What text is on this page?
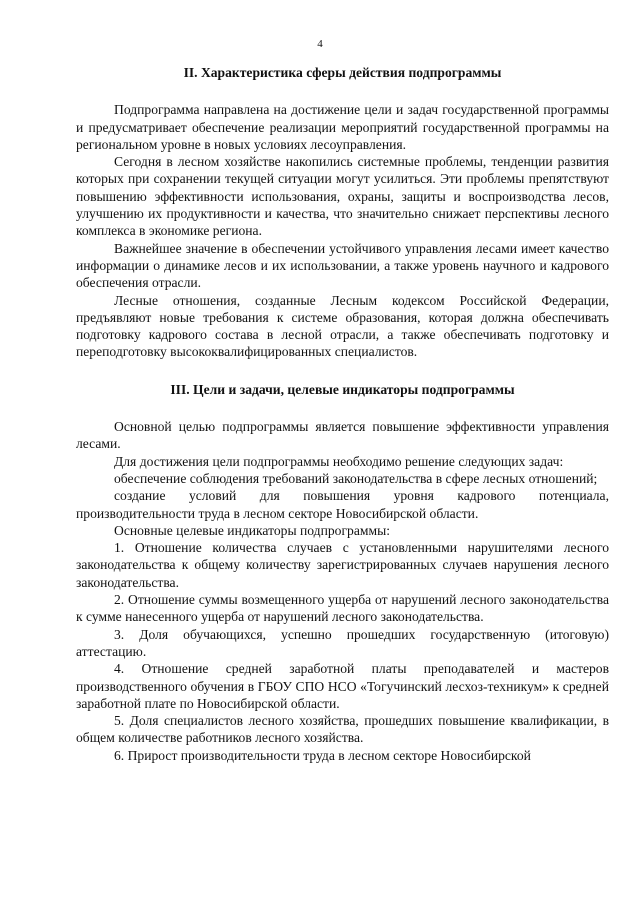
4
II. Характеристика сферы действия подпрограммы

Подпрограмма направлена на достижение цели и задач государственной программы и предусматривает обеспечение реализации мероприятий государственной программы на региональном уровне в новых условиях лесоуправления.

Сегодня в лесном хозяйстве накопились системные проблемы, тенденции развития которых при сохранении текущей ситуации могут усилиться. Эти проблемы препятствуют повышению эффективности использования, охраны, защиты и воспроизводства лесов, улучшению их продуктивности и качества, что значительно снижает перспективы лесного комплекса в экономике региона.

Важнейшее значение в обеспечении устойчивого управления лесами имеет качество информации о динамике лесов и их использовании, а также уровень научного и кадрового обеспечения отрасли.

Лесные отношения, созданные Лесным кодексом Российской Федерации, предъявляют новые требования к системе образования, которая должна обеспечивать подготовку кадрового состава в лесной отрасли, а также обеспечивать подготовку и переподготовку высококвалифицированных специалистов.

III. Цели и задачи, целевые индикаторы подпрограммы

Основной целью подпрограммы является повышение эффективности управления лесами.

Для достижения цели подпрограммы необходимо решение следующих задач:

обеспечение соблюдения требований законодательства в сфере лесных отношений;

создание условий для повышения уровня кадрового потенциала, производительности труда в лесном секторе Новосибирской области.

Основные целевые индикаторы подпрограммы:

1. Отношение количества случаев с установленными нарушителями лесного законодательства к общему количеству зарегистрированных случаев нарушения лесного законодательства.

2. Отношение суммы возмещенного ущерба от нарушений лесного законодательства к сумме нанесенного ущерба от нарушений лесного законодательства.

3. Доля обучающихся, успешно прошедших государственную (итоговую) аттестацию.

4. Отношение средней заработной платы преподавателей и мастеров производственного обучения в ГБОУ СПО НСО «Тогучинский лесхоз-техникум» к средней заработной плате по Новосибирской области.

5. Доля специалистов лесного хозяйства, прошедших повышение квалификации, в общем количестве работников лесного хозяйства.

6. Прирост производительности труда в лесном секторе Новосибирской
